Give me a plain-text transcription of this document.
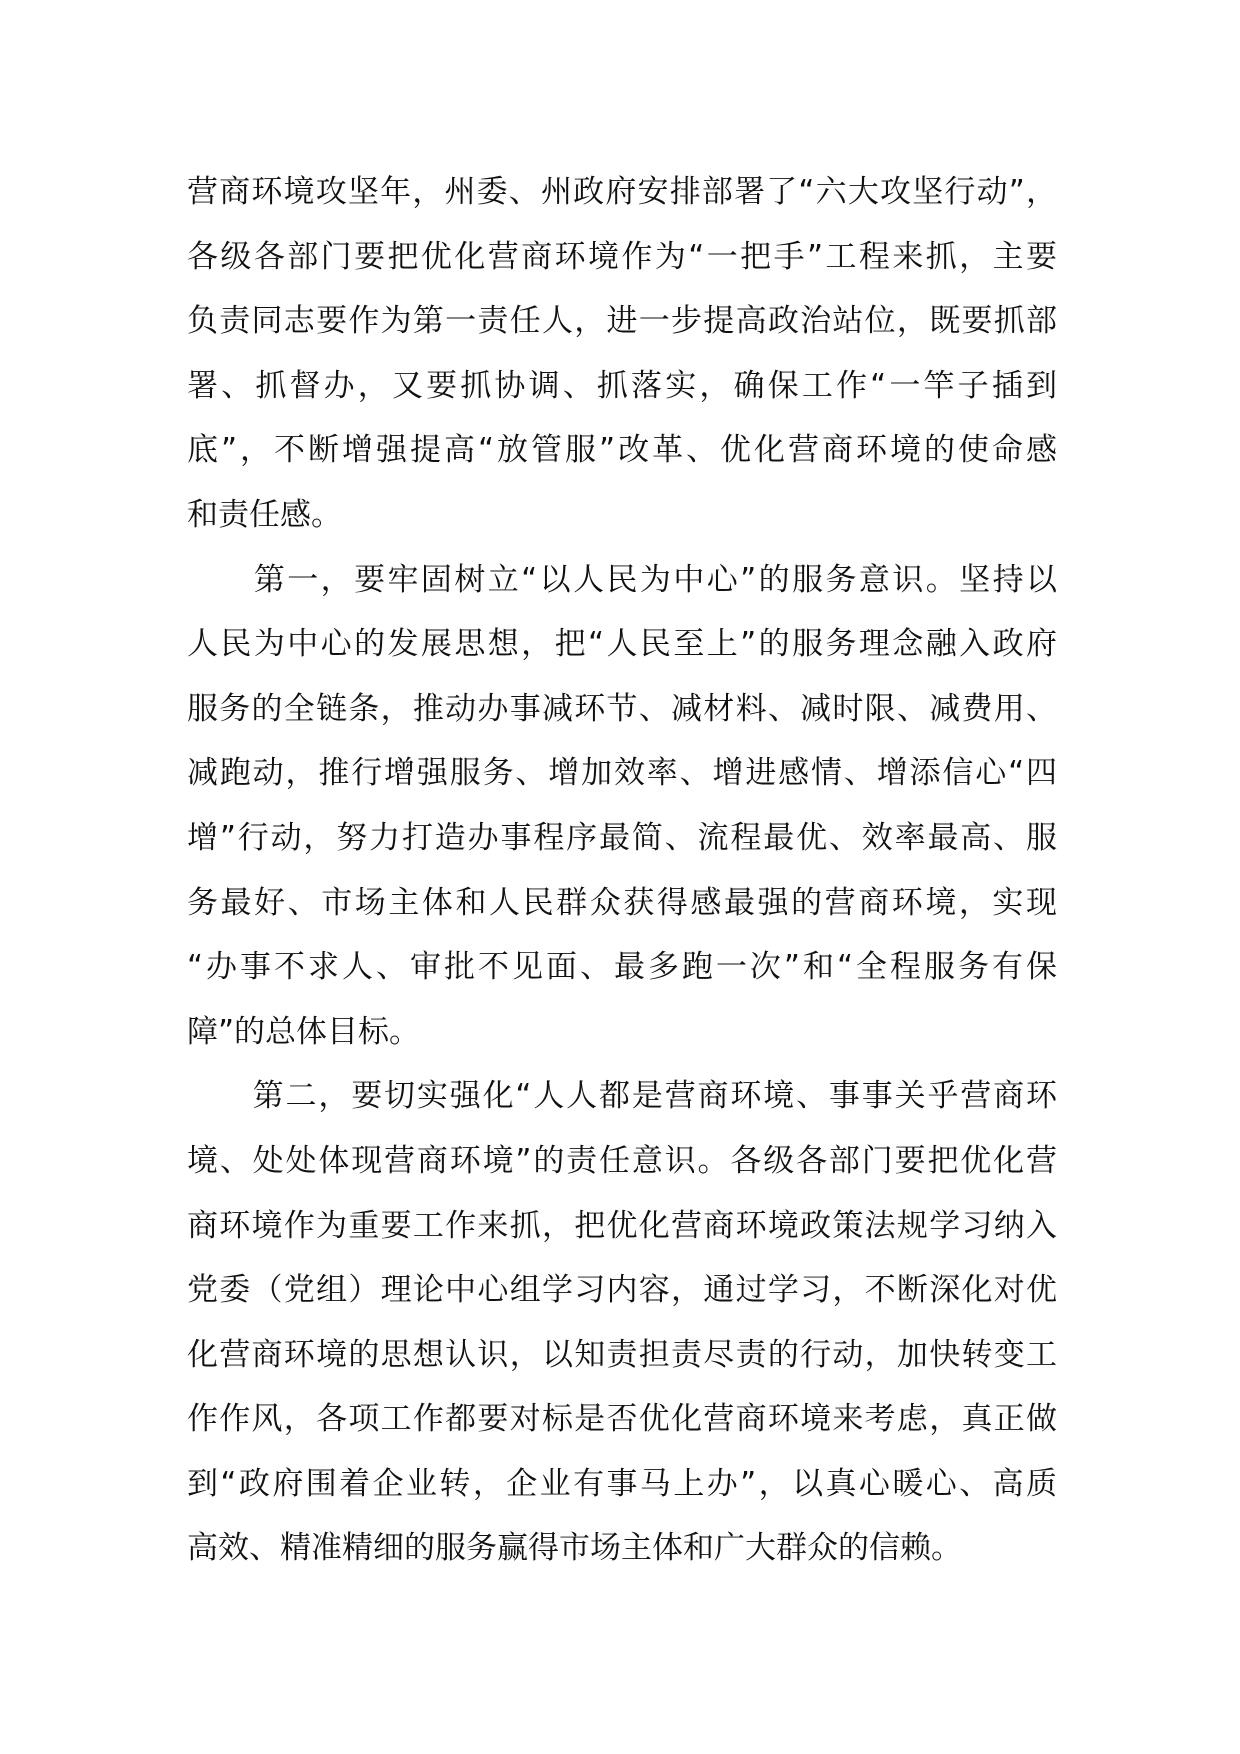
营商环境攻坚年，州委、州政府安排部署了“六大攻坚行动”，
各级各部门要把优化营商环境作为“一把手”工程来抓，主要
负责同志要作为第一责任人，进一步提高政治站位，既要抓部
署、抓督办，又要抓协调、抓落实，确保工作“一竿子插到
底”，不断增强提高“放管服”改革、优化营商环境的使命感
和责任感。
　　第一，要牢固树立“以人民为中心”的服务意识。坚持以
人民为中心的发展思想，把“人民至上”的服务理念融入政府
服务的全链条，推动办事减环节、减材料、减时限、减费用、
减跑动，推行增强服务、增加效率、增进感情、增添信心“四
增”行动，努力打造办事程序最简、流程最优、效率最高、服
务最好、市场主体和人民群众获得感最强的营商环境，实现
“办事不求人、审批不见面、最多跑一次”和“全程服务有保
障”的总体目标。
　　第二，要切实强化“人人都是营商环境、事事关乎营商环
境、处处体现营商环境”的责任意识。各级各部门要把优化营
商环境作为重要工作来抓，把优化营商环境政策法规学习纳入
党委（党组）理论中心组学习内容，通过学习，不断深化对优
化营商环境的思想认识，以知责担责尽责的行动，加快转变工
作作风，各项工作都要对标是否优化营商环境来考虑，真正做
到“政府围着企业转，企业有事马上办”，以真心暖心、高质
高效、精准精细的服务赢得市场主体和广大群众的信赖。
